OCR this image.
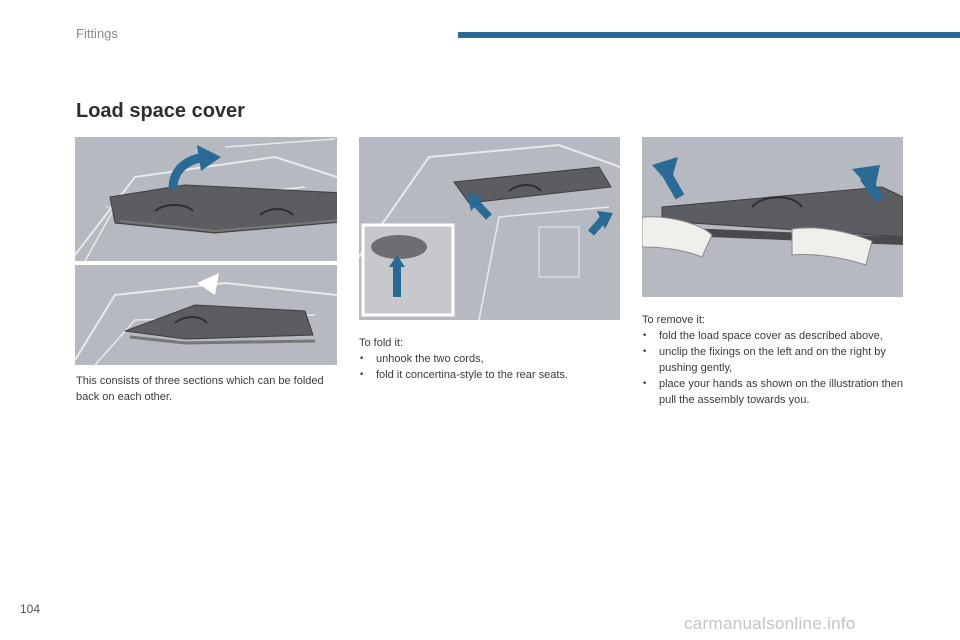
Fittings
Load space cover

This consists of three sections which can be folded back on each other.

To fold it:

• unhook the two cords,
• fold it concertina-style to the rear seats.

To remove it:

• fold the load space cover as described above,
• unclip the fixings on the left and on the right by pushing gently,
• place your hands as shown on the illustration then pull the assembly towards you.
104
carmanualsonline.info
